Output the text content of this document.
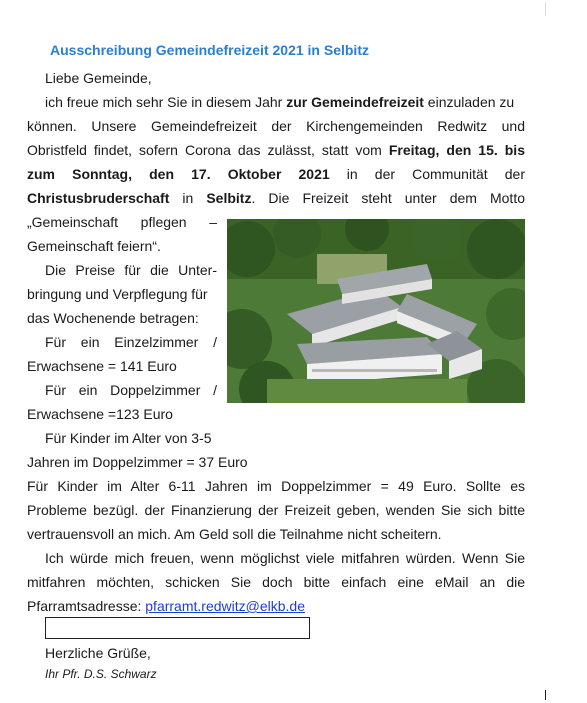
Ausschreibung Gemeindefreizeit 2021 in Selbitz
Liebe Gemeinde,
ich freue mich sehr Sie in diesem Jahr zur Gemeindefreizeit einzuladen zu
können. Unsere Gemeindefreizeit der Kirchengemeinden Redwitz und
Obristfeld findet, sofern Corona das zulässt, statt vom Freitag, den 15. bis
zum Sonntag, den 17. Oktober 2021 in der Communität der
Christusbruderschaft in Selbitz. Die Freizeit steht unter dem Motto
„Gemeinschaft pflegen –
Gemeinschaft feiern“.
Die Preise für die Unter-
bringung und Verpflegung für
das Wochenende betragen:
Für ein Einzelzimmer /
Erwachsene = 141 Euro
Für ein Doppelzimmer /
Erwachsene =123 Euro
Für Kinder im Alter von 3-5
Jahren im Doppelzimmer = 37 Euro
Für Kinder im Alter 6-11 Jahren im Doppelzimmer = 49 Euro. Sollte es
Probleme bezügl. der Finanzierung der Freizeit geben, wenden Sie sich bitte
vertrauensvoll an mich. Am Geld soll die Teilnahme nicht scheitern.
Ich würde mich freuen, wenn möglichst viele mitfahren würden. Wenn Sie
mitfahren möchten, schicken Sie doch bitte einfach eine eMail an die
Pfarramtsadresse: pfarramt.redwitz@elkb.de
Herzliche Grüße,
Ihr Pfr. D.S. Schwarz
